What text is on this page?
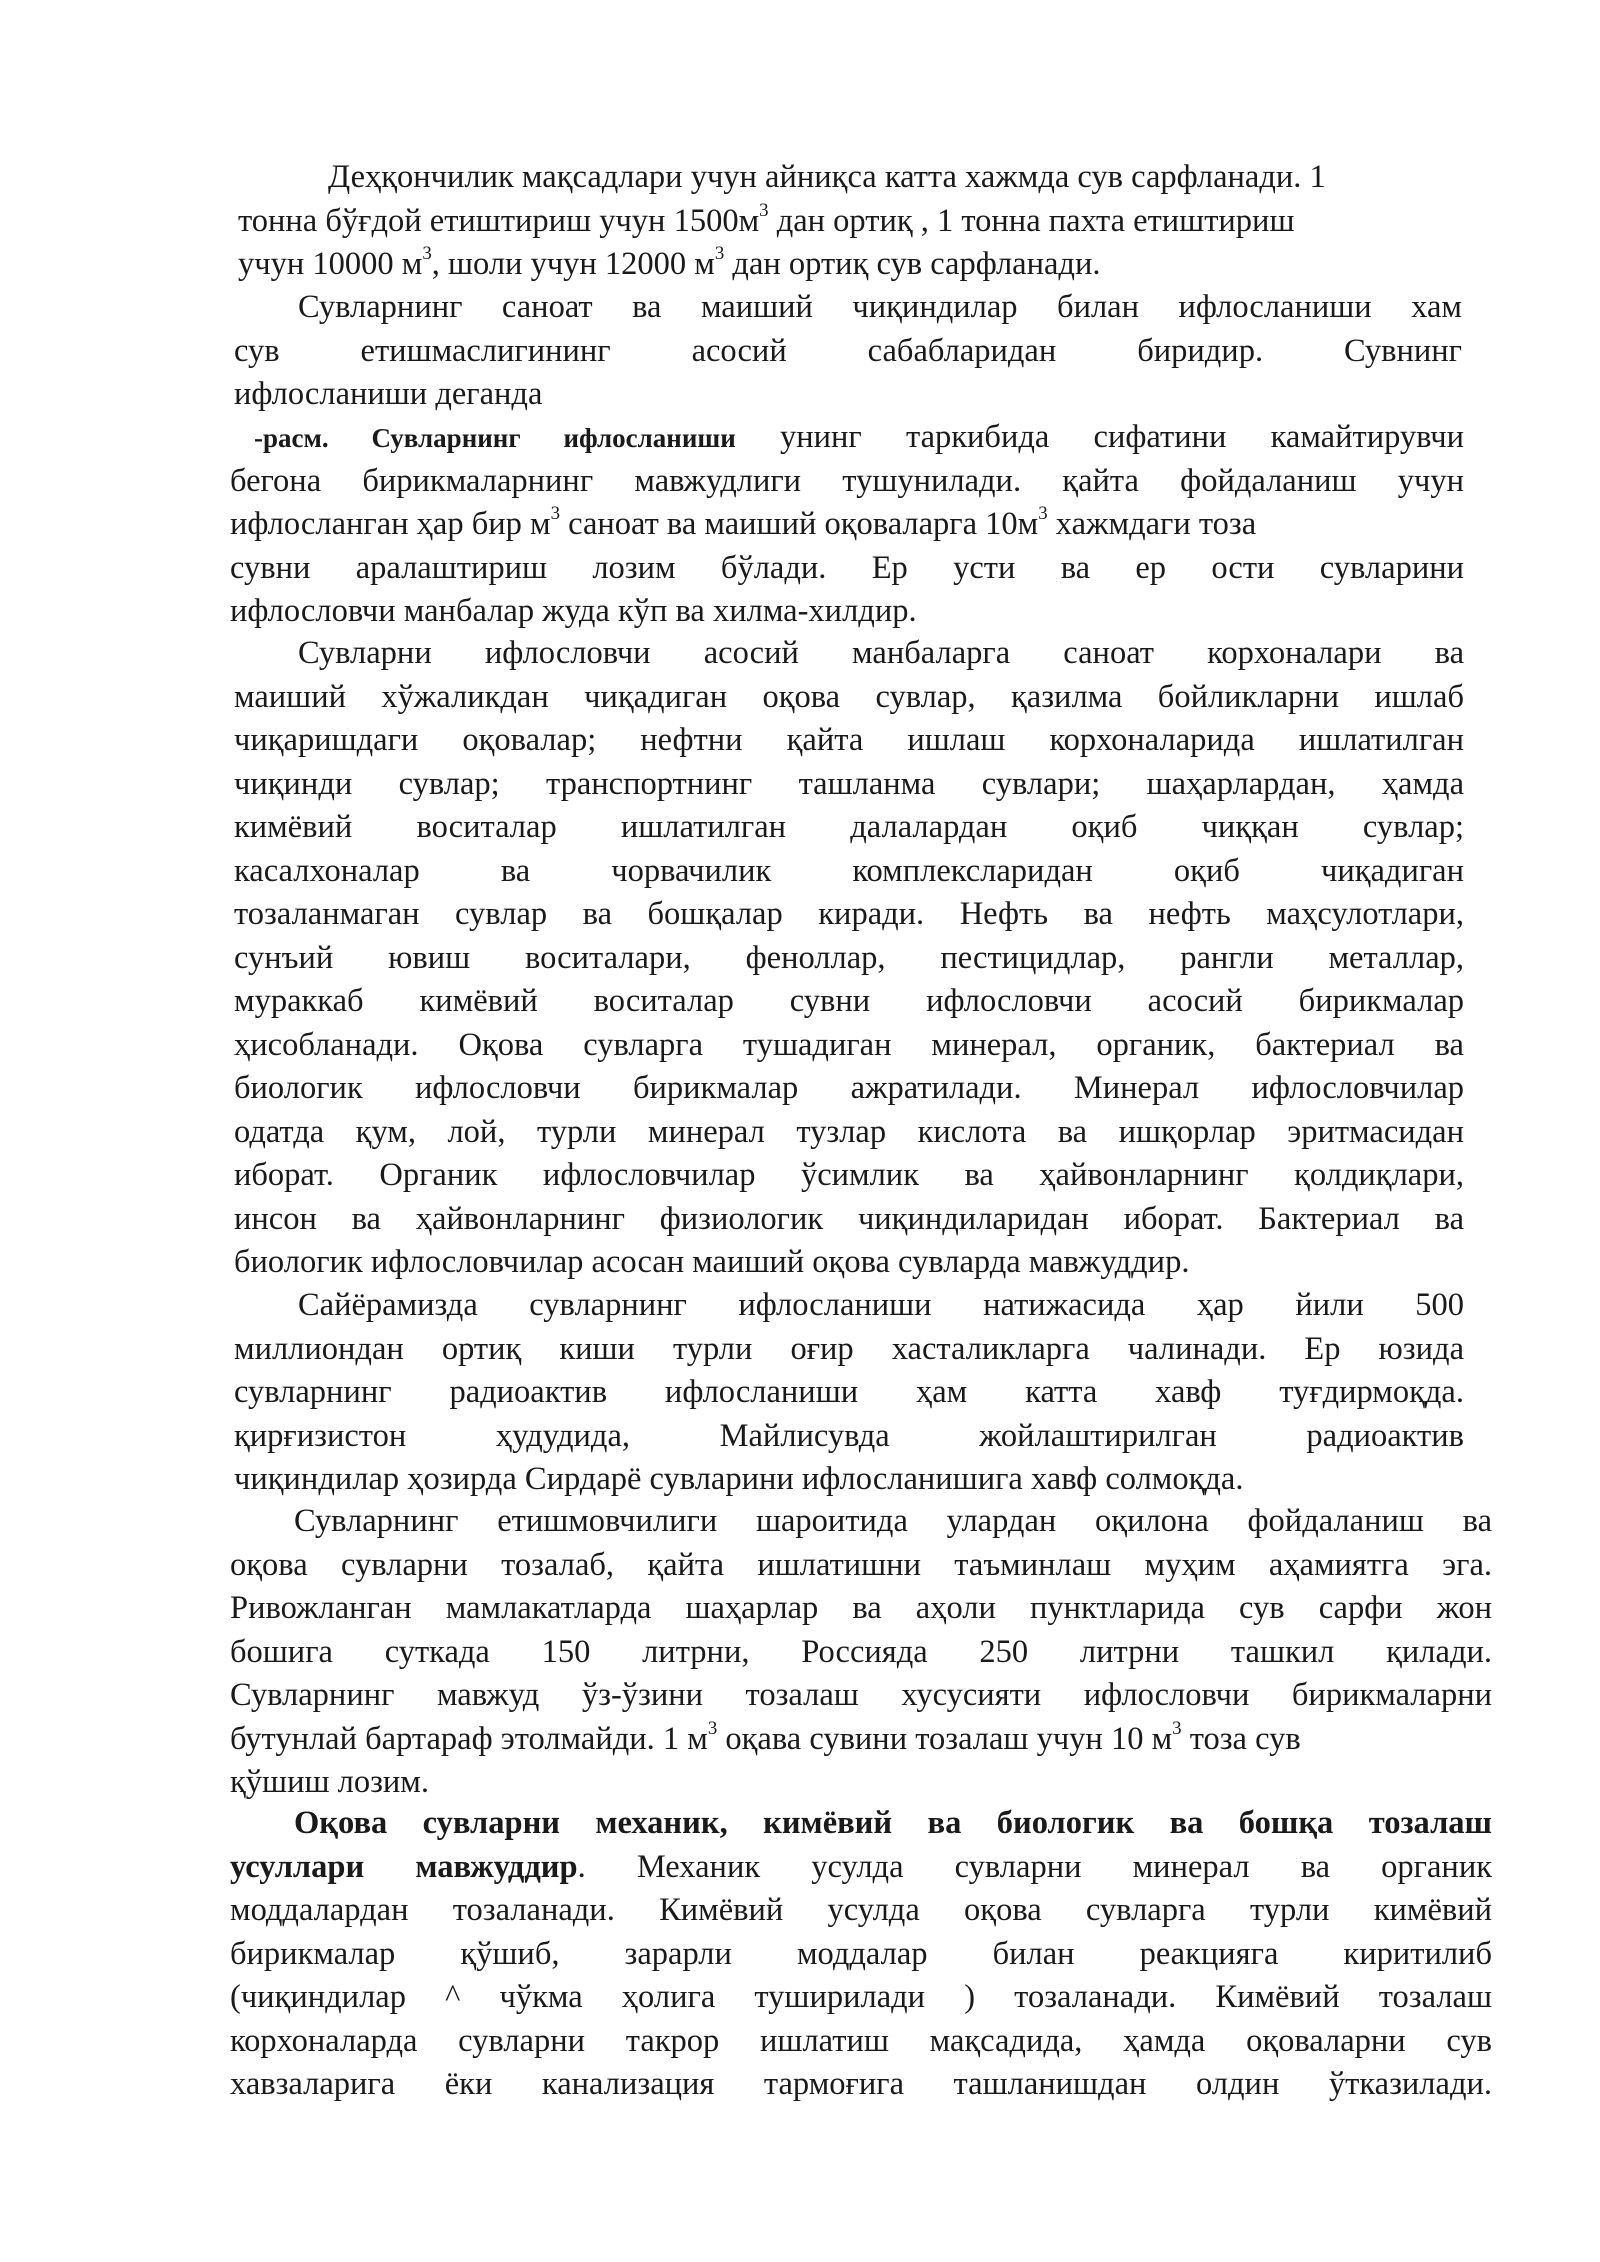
Деҳқончилик мақсадлари учун айниқса катта хажмда сув сарфланади. 1
тонна бўғдой етиштириш учун $1500м^3$ дан ортиқ , 1 тонна пахта етиштириш
учун 10000 $м^3$, шоли учун 12000 $м^3$ дан ортиқ сув сарфланади.
Сувларнинг саноат ва маиший чиқиндилар билан ифлосланиши хам
сув етишмаслигининг асосий сабабларидан биридир. Сувнинг
ифлосланиши деганда
-расм. Сувларнинг ифлосланиши унинг таркибида сифатини камайтирувчи
бегона бирикмаларнинг мавжудлиги тушунилади. қайта фойдаланиш учун
ифлосланган ҳар бир $м^3$ саноат ва маиший оқоваларга $10м^3$ хажмдаги тоза
сувни аралаштириш лозим бўлади. Ер усти ва ер ости сувларини
ифлословчи манбалар жуда кўп ва хилма-хилдир.
Сувларни ифлословчи асосий манбаларга саноат корхоналари ва
маиший хўжаликдан чиқадиган оқова сувлар, қазилма бойликларни ишлаб
чиқаришдаги оқовалар; нефтни қайта ишлаш корхоналарида ишлатилган
чиқинди сувлар; транспортнинг ташланма сувлари; шаҳарлардан, ҳамда
кимёвий воситалар ишлатилган далалардан оқиб чиққан сувлар;
касалхоналар ва чорвачилик комплексларидан оқиб чиқадиган
тозаланмаган сувлар ва бошқалар киради. Нефть ва нефть маҳсулотлари,
сунъий ювиш воситалари, феноллар, пестицидлар, рангли металлар,
мураккаб кимёвий воситалар сувни ифлословчи асосий бирикмалар
ҳисобланади. Оқова сувларга тушадиган минерал, органик, бактериал ва
биологик ифлословчи бирикмалар ажратилади. Минерал ифлословчилар
одатда қум, лой, турли минерал тузлар кислота ва ишқорлар эритмасидан
иборат. Органик ифлословчилар ўсимлик ва ҳайвонларнинг қолдиқлари,
инсон ва ҳайвонларнинг физиологик чиқиндиларидан иборат. Бактериал ва
биологик ифлословчилар асосан маиший оқова сувларда мавжуддир.
Сайёрамизда сувларнинг ифлосланиши натижасида ҳар йили 500
миллиондан ортиқ киши турли оғир хасталикларга чалинади. Ер юзида
сувларнинг радиоактив ифлосланиши ҳам катта хавф туғдирмоқда.
қирғизистон ҳудудида, Майлисувда жойлаштирилган радиоактив
чиқиндилар ҳозирда Сирдарё сувларини ифлосланишига хавф солмоқда.
Сувларнинг етишмовчилиги шароитида улардан оқилона фойдаланиш ва
оқова сувларни тозалаб, қайта ишлатишни таъминлаш муҳим аҳамиятга эга.
Ривожланган мамлакатларда шаҳарлар ва аҳоли пунктларида сув сарфи жон
бошига суткада 150 литрни, Россияда 250 литрни ташкил қилади.
Сувларнинг мавжуд ўз-ўзини тозалаш хусусияти ифлословчи бирикмаларни
бутунлай бартараф этолмайди. 1 $м^3$ оқава сувини тозалаш учун 10 $м^3$ тоза сув
қўшиш лозим.
Оқова сувларни механик, кимёвий ва биологик ва бошқа тозалаш
усуллари мавжуддир. Механик усулда сувларни минерал ва органик
моддалардан тозаланади. Кимёвий усулда оқова сувларга турли кимёвий
бирикмалар қўшиб, зарарли моддалар билан реакцияга киритилиб
(чиқиндилар ^ чўкма ҳолига туширилади ) тозаланади. Кимёвий тозалаш
корхоналарда сувларни такрор ишлатиш мақсадида, ҳамда оқоваларни сув
хавзаларига ёки канализация тармоғига ташланишдан олдин ўтказилади.
